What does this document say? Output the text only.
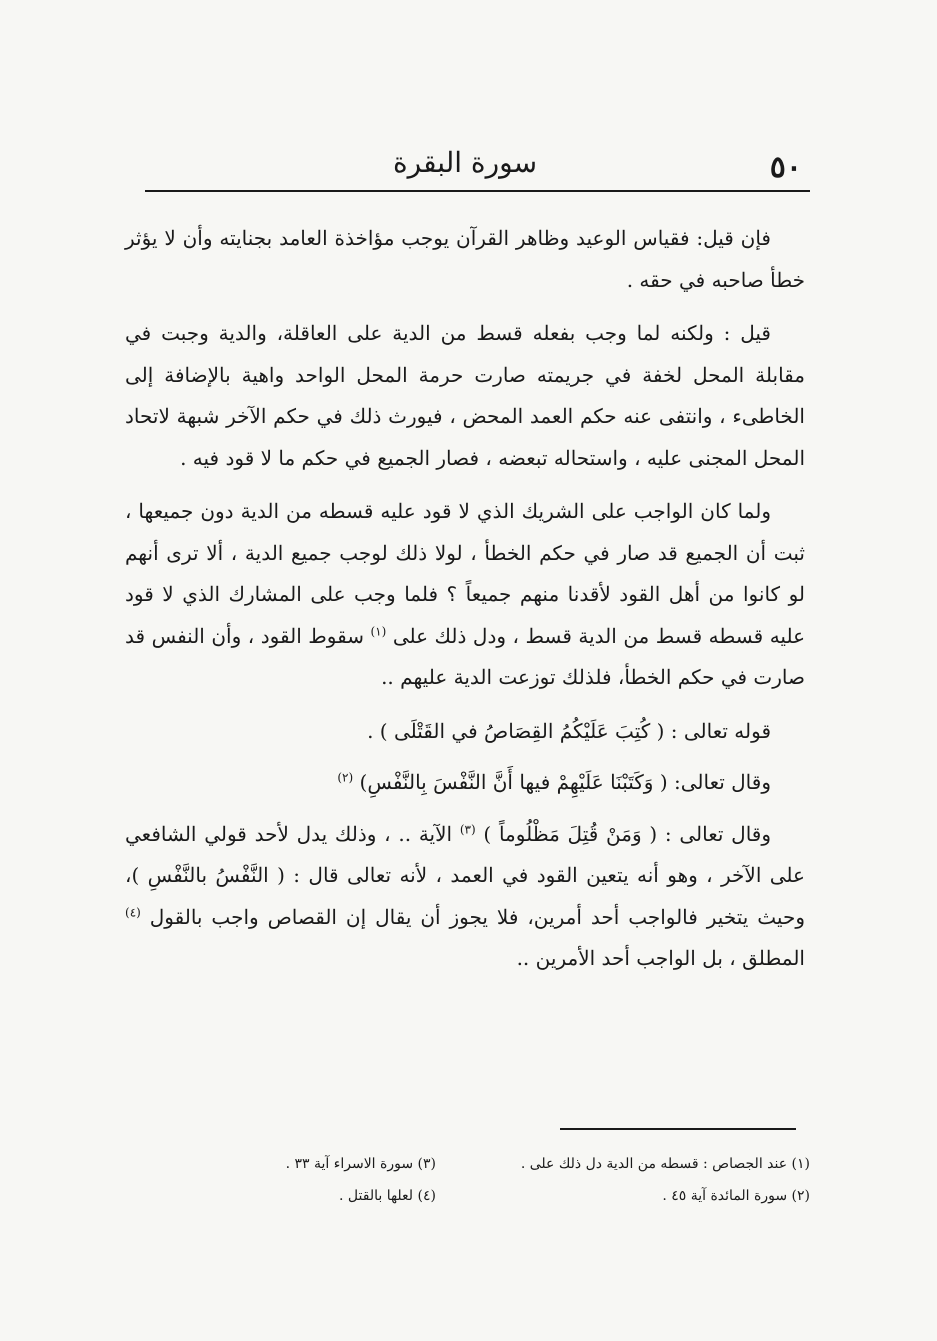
٥٠
سورة البقرة

فإن قيل: فقياس الوعيد وظاهر القرآن يوجب مؤاخذة العامد بجنايته وأن لا يؤثر خطأ صاحبه في حقه .

قيل : ولكنه لما وجب بفعله قسط من الدية على العاقلة، والدية وجبت في مقابلة المحل لخفة في جريمته صارت حرمة المحل الواحد واهية بالإضافة إلى الخاطىء ، وانتفى عنه حكم العمد المحض ، فيورث ذلك في حكم الآخر شبهة لاتحاد المحل المجنى عليه ، واستحاله تبعضه ، فصار الجميع في حكم ما لا قود فيه .

ولما كان الواجب على الشريك الذي لا قود عليه قسطه من الدية دون جميعها ، ثبت أن الجميع قد صار في حكم الخطأ ، لولا ذلك لوجب جميع الدية ، ألا ترى أنهم لو كانوا من أهل القود لأقدنا منهم جميعاً ؟ فلما وجب على المشارك الذي لا قود عليه قسطه قسط من الدية قسط ، ودل ذلك على $^{(١)}$ سقوط القود ، وأن النفس قد صارت في حكم الخطأ، فلذلك توزعت الدية عليهم ..

قوله تعالى : ( كُتِبَ عَلَيْكُمُ القِصَاصُ في القَتْلَى ) .

وقال تعالى: ( وَكَتَبْنَا عَلَيْهِمْ فيها أَنَّ النَّفْسَ بِالنَّفْسِ) $^{(٢)}$

وقال تعالى : ( وَمَنْ قُتِلَ مَظْلُوماً ) $^{(٣)}$ الآية .. ، وذلك يدل لأحد قولي الشافعي على الآخر ، وهو أنه يتعين القود في العمد ، لأنه تعالى قال : ( النَّفْسُ بالنَّفْسِ )، وحيث يتخير فالواجب أحد أمرين، فلا يجوز أن يقال إن القصاص واجب بالقول $^{(٤)}$ المطلق ، بل الواجب أحد الأمرين ..

(١) عند الجصاص : قسطه من الدية دل ذلك على .
(٣) سورة الاسراء آية ٣٣ .
(٢) سورة المائدة آية ٤٥ .
(٤) لعلها بالقتل .
